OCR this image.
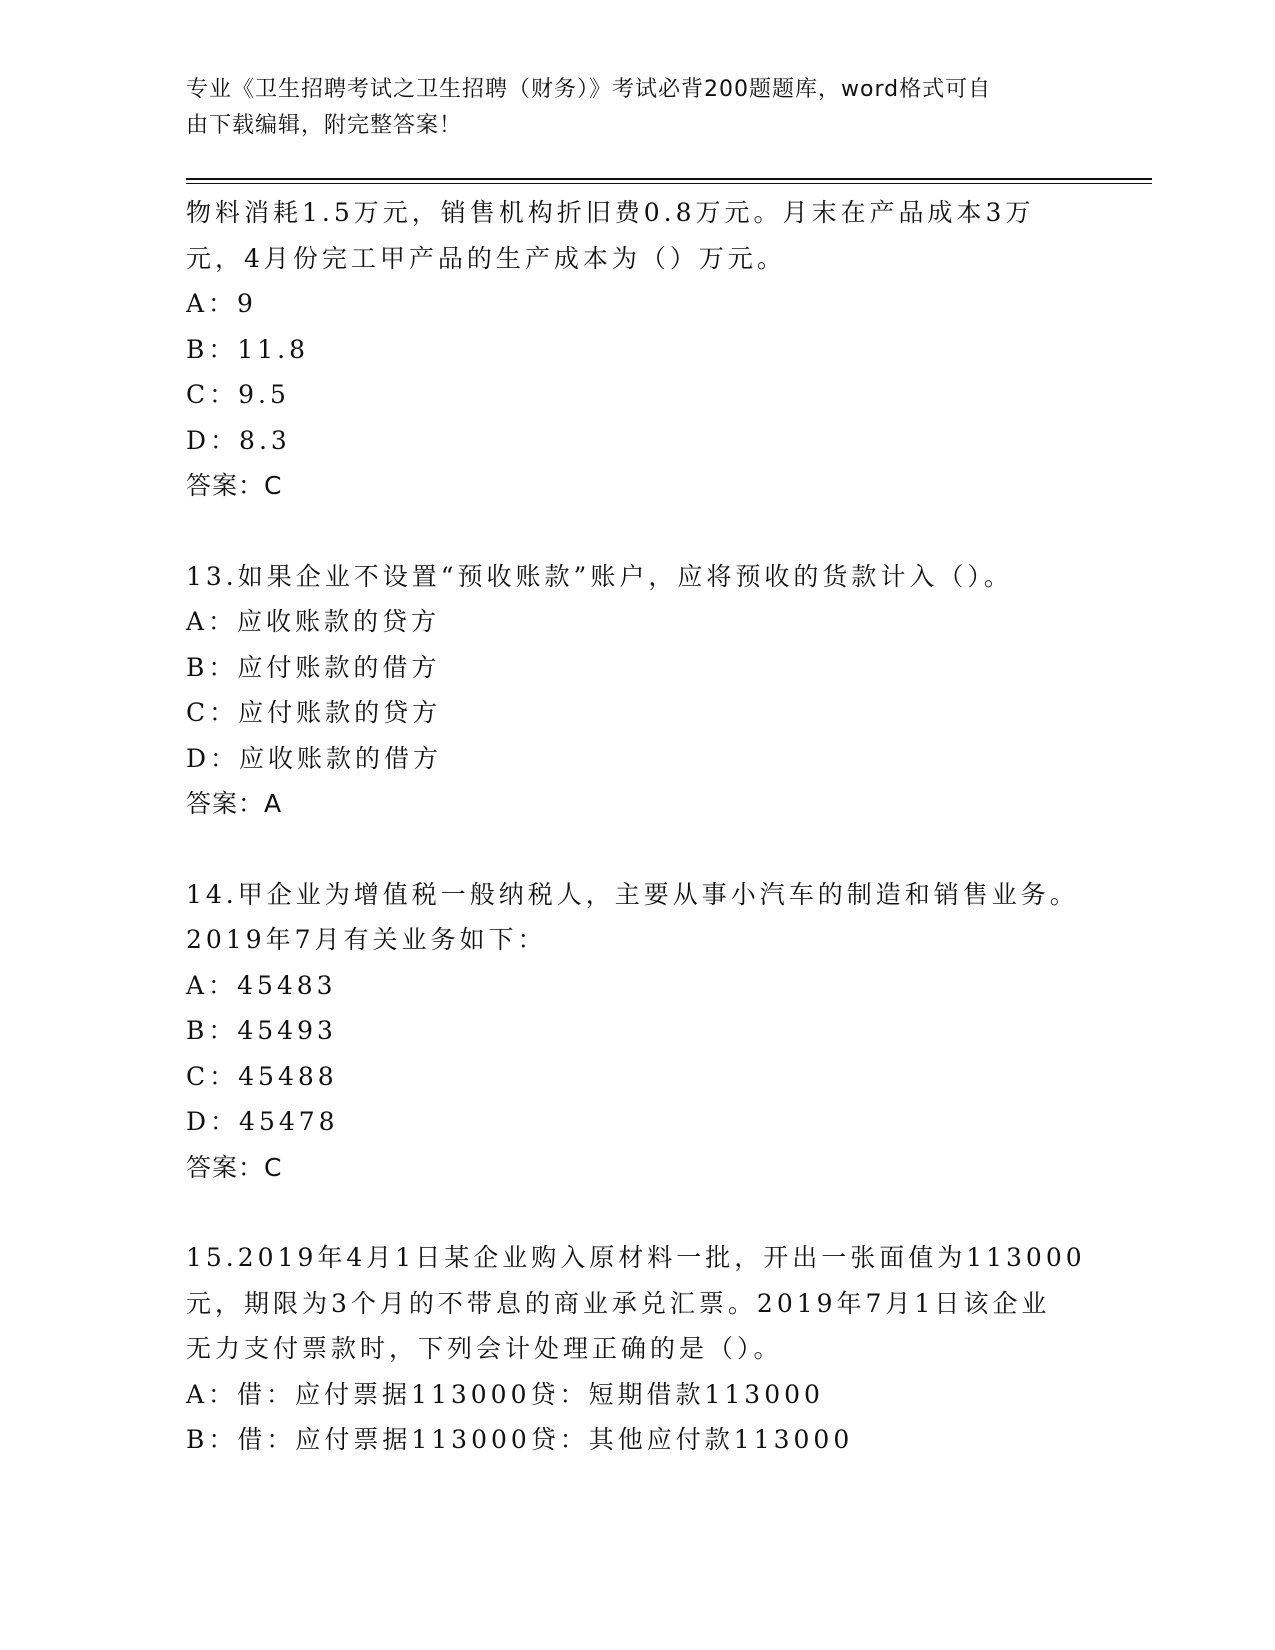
专业《卫生招聘考试之卫生招聘（财务）》考试必背200题题库，word格式可自
由下载编辑，附完整答案！
物料消耗1.5万元，销售机构折旧费0.8万元。月末在产品成本3万
元，4月份完工甲产品的生产成本为（）万元。
A：9
B：11.8
C：9.5
D：8.3
答案：C
13.如果企业不设置“预收账款”账户，应将预收的货款计入（）。
A：应收账款的贷方
B：应付账款的借方
C：应付账款的贷方
D：应收账款的借方
答案：A
14.甲企业为增值税一般纳税人，主要从事小汽车的制造和销售业务。
2019年7月有关业务如下：
A：45483
B：45493
C：45488
D：45478
答案：C
15.2019年4月1日某企业购入原材料一批，开出一张面值为113000
元，期限为3个月的不带息的商业承兑汇票。2019年7月1日该企业
无力支付票款时，下列会计处理正确的是（）。
A：借：应付票据113000贷：短期借款113000
B：借：应付票据113000贷：其他应付款113000
